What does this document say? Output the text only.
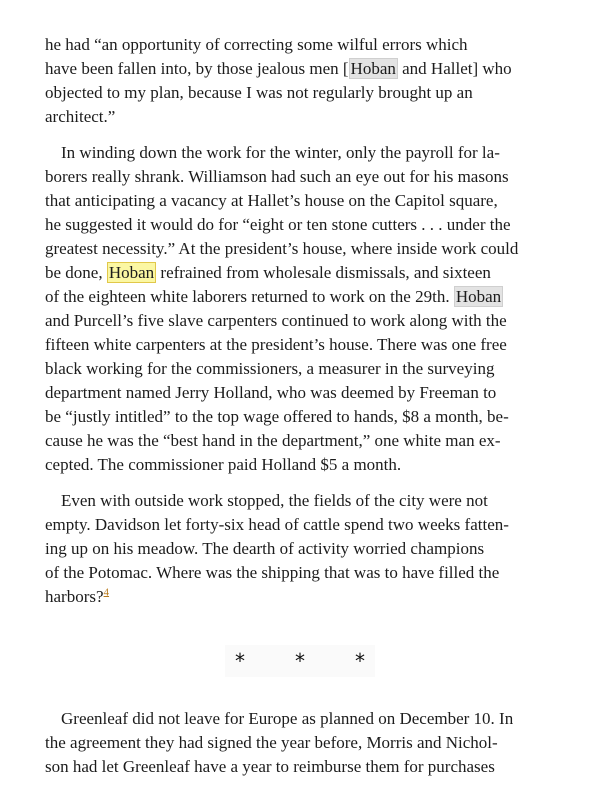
he had “an opportunity of correcting some wilful errors which
have been fallen into, by those jealous men [ Hoban and Hallet] who
objected to my plan, because I was not regularly brought up an
architect.”

In winding down the work for the winter, only the payroll for la-
borers really shrank. Williamson had such an eye out for his masons
that anticipating a vacancy at Hallet’s house on the Capitol square,
he suggested it would do for “eight or ten stone cutters . . . under the
greatest necessity.” At the president’s house, where inside work could
be done, Hoban refrained from wholesale dismissals, and sixteen
of the eighteen white laborers returned to work on the 29th. Hoban
and Purcell’s five slave carpenters continued to work along with the
fifteen white carpenters at the president’s house. There was one free
black working for the commissioners, a measurer in the surveying
department named Jerry Holland, who was deemed by Freeman to
be “justly intitled” to the top wage offered to hands, $8 a month, be-
cause he was the “best hand in the department,” one white man ex-
cepted. The commissioner paid Holland $5 a month.

Even with outside work stopped, the fields of the city were not
empty. Davidson let forty-six head of cattle spend two weeks fatten-
ing up on his meadow. The dearth of activity worried champions
of the Potomac. Where was the shipping that was to have filled the
harbors?$^4$

*	*	*
Greenleaf did not leave for Europe as planned on December 10. In
the agreement they had signed the year before, Morris and Nichol-
son had let Greenleaf have a year to reimburse them for purchases
